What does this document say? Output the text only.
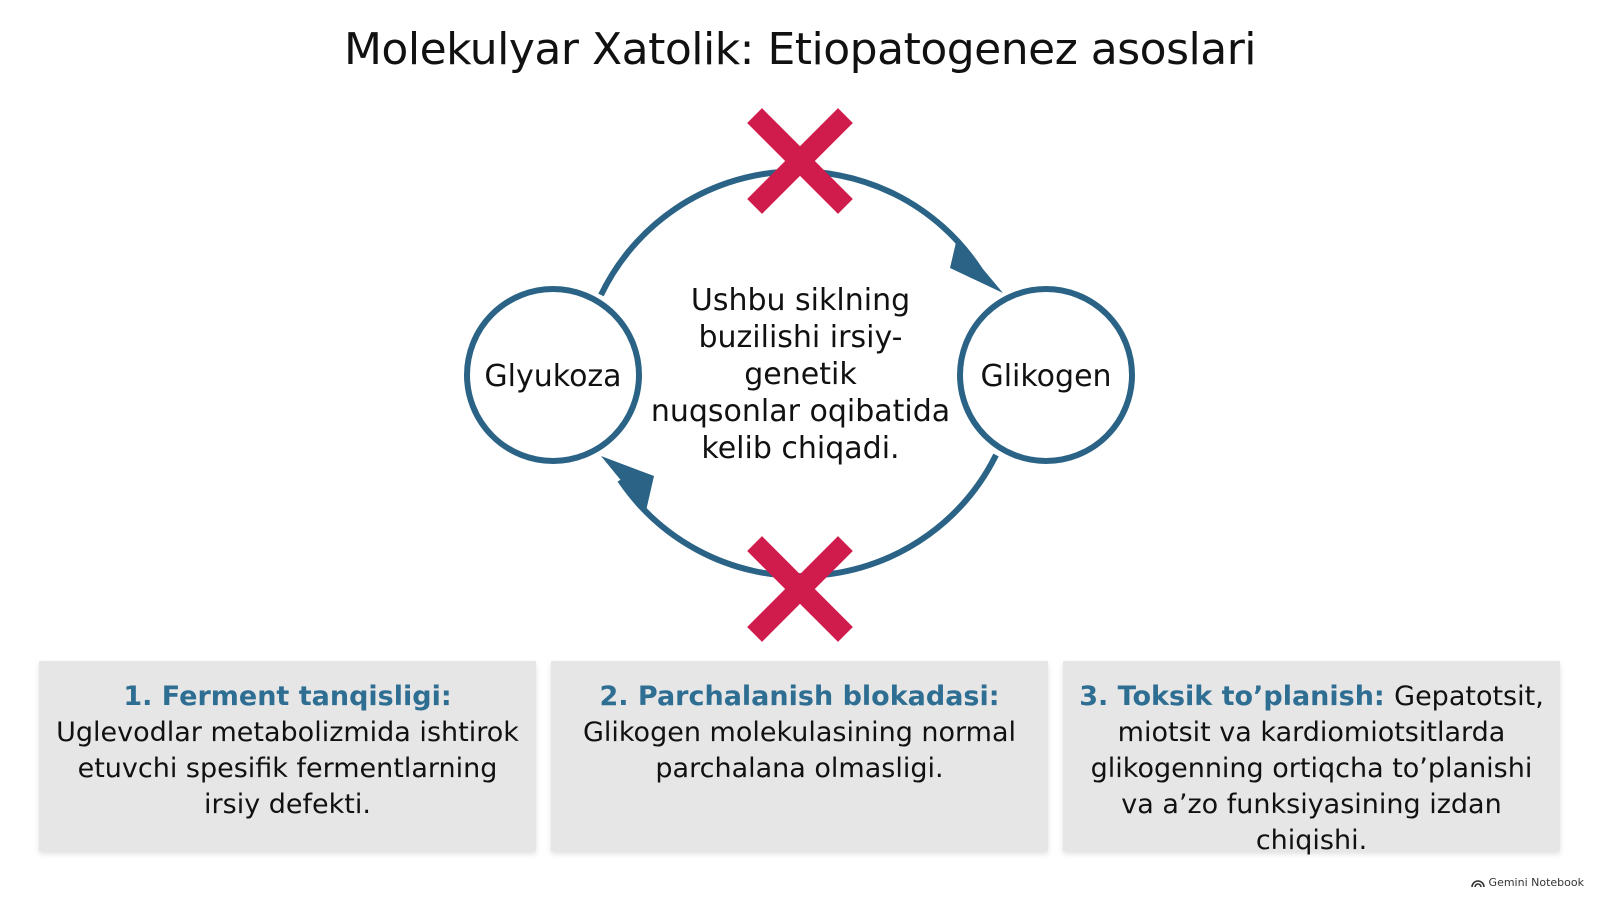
Molekulyar Xatolik: Etiopatogenez asoslari
Glyukoza	Glikogen
Ushbu siklning
buzilishi irsiy-
genetik
nuqsonlar oqibatida
kelib chiqadi.
1. Ferment tanqisligi:
Uglevodlar metabolizmida ishtirok etuvchi spesifik fermentlarning irsiy defekti.
2. Parchalanish blokadasi:
Glikogen molekulasining normal parchalana olmasligi.
3. Toksik to’planish: Gepatotsit, miotsit va kardiomiotsitlarda glikogenning ortiqcha to’planishi va a’zo funksiyasining izdan chiqishi.
Gemini Notebook
